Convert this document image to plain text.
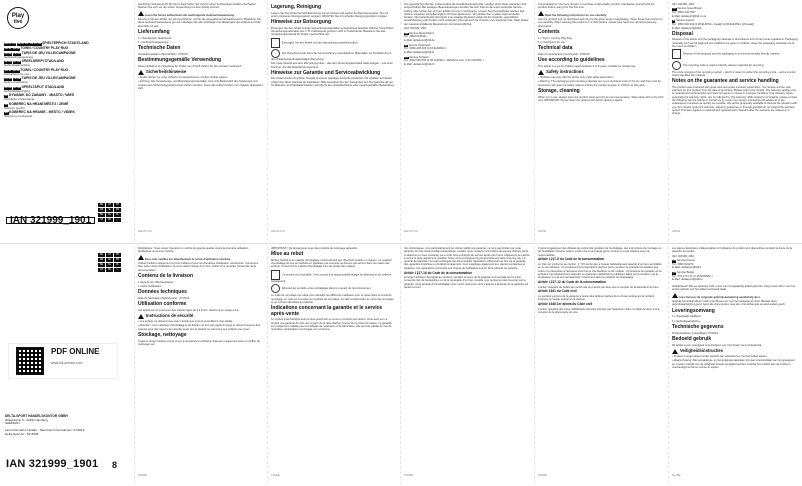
Play
tive
DE AT CH DE AT CH DE AT CHSPIELTEPPICH STADT/LAND
GB IE GB IETOWN / COUNTRY PLAY RUG
FR BE FR BETAPIS DE JEU VILLE/CAMPAGNE
Gebrauchsanweisung
NL BE NL BESPEELSPIEPI STAD/LAND
Gebruiksaanwijzing
GB IE GB IETOWN / COUNTRY PLAY RUG
Instructions for use
FR BE FR BETAPIS DE JEU VILLE/CAMPAGNE
Notice d'utilisation
NL BE NL BESPEELTAPIJT STAD/LAND
Gebruiksaanwijzing
PLDYWANIK DO ZABAWY - MIASTO / WIEŚ
Instrukcja użytkowania
CZKOBEREC NA HRANÍ MĚSTO / ZEMĚ
Návod k použití
SKKOBEREC NA HRANIE - MESTO / VIDIEK
Návod na používanie
DE	AT	CH
GB	IE	FR
BE	NL	PL
CZ	SK	--
IAN 321999_1901

Herzlichen Glückwunsch! Mit Ihrem Kauf haben Sie sich für einen hochwertigen Artikel entschieden. Machen Sie sich vor der ersten Verwendung mit dem Artikel vertraut.

Lesen Sie hierzu aufmerksam die nachfolgende Gebrauchsanweisung.

Benutzen Sie den Artikel nur wie beschrieben und für die angegebenen Einsatzbereiche. Bewahren Sie diese Gebrauchsanweisung gut auf. Händigen Sie alle Unterlagen bei Weitergabe des Artikels an Dritte ebenfalls mit aus.

Lieferumfang

1 x Spielteppich Stadt/Land

1 x Gebrauchsanweisung

Technische Daten

Herstellungsdatum (Monat/Jahr): 07/2019

Bestimmungsgemäße Verwendung

Dieser Artikel ist ein Spielzeug für Kinder von 3 bis 8 Jahren für den privaten Gebrauch.

Sicherheitshinweise

• Kinder dürfen nur unter Aufsicht von Erwachsenen mit dem Artikel spielen.

• Achtung: Alle Verpackungs- und Befestigungsmaterialien sind nicht Bestandteil des Spielzeugs und müssen aus Sicherheitsgründen stets entfernt werden, bevor das Artikel Kindern zum Spielen übergeben wird.

DE/AT/CH
Lagerung, Reinigung

Lagern Sie den Artikel bei Nichtbenutzung immer trocken und sauber bei Raumtemperatur. Nur mit einem trockenen Reinigungstuch reinigen. WICHTIG! Nie mit scharfen Reinigungsmitteln reinigen.

Hinweise zur Entsorgung

Entsorgen Sie den Artikel und die Verpackungsmaterialien entsprechend aktueller örtlicher Vorschriften. Verpackungsmaterialien wie z. B. Folienbeutel gehören nicht in Kinderhände. Bewahren Sie das Verpackungsmaterial für Kinder unerreichbar auf.

Entsorgen Sie den Artikel und die Verpackung umweltfreundlich.

Der Recycling-Code dient der Kennzeichnung verschiedener Materialien zur Rückführung in den Wiederverwertungskreislauf (Recycling).

Der Code besteht aus dem Recyclingsymbol – das den Verwertungskreislauf widerspiegelt – und einer Nummer, die das Material kennzeichnet.

Hinweise zur Garantie und Serviceabwicklung

Der Artikel wurde mit größter Sorgfalt und unter ständiger Kontrolle produziert. Sie erhalten auf diesen Artikel drei Jahre Garantie ab Kaufdatum. Bitte bewahren Sie den Kassenbon auf. Die Garantie gilt nur für Material- und Fabrikationsfehler und erlischt bei missbräuchlicher oder unsachgemäßer Behandlung.

DE/AT/CH

Ihre gesetzlichen Rechte, insbesondere die Gewährleistungsrechte, werden durch diese Garantie nicht eingeschränkt. Bei etwaigen Beanstandungen wenden Sie sich bitte an die unten stehende Service-Hotline oder setzen Sie sich per E-Mail mit uns in Verbindung. Unsere Servicemitarbeiter werden das weitere Vorgehen schnellstmöglich mit Ihnen abstimmen. Wir werden Sie in jedem Fall persönlich beraten. Die Garantiezeit wird durch eine etwaige Reparatur aufgrund der Garantie, gesetzlicher Gewährleistung oder Kulanz nicht verlängert. Dies gilt auch für ersetzte und reparierte Teile. Nach Ablauf der Garantie anfallende Reparaturen sind kostenpflichtig.

IAN: 321999_1901

DEService Deutschland
Tel.: 0800-5435111
E-Mail: deltasport@lidl.de
ATService Österreich
Tel.: 0800-295 303 (0,15 EUR/Min.)
E-Mail: deltasport@lidl.at
CHService Schweiz
Tel.: 0842 665 566 (0,08 CHF/Min., Mobilfunk max. 0,40 CHF/Min.)
E-Mail: deltasport@lidl.ch
DE/AT/CH

Congratulations! You have chosen to purchase a high-quality product. Familiarise yourself with the product before using it for the first time.

Read the following instructions for use carefully.

Use the product only as described and only for the given areas of application. Store these instructions for use carefully. When passing the product on to third parties, please also hand over all accompanying documents.

Contents

1 x Town / Country Play Rug

1 x Instructions for use

Technical data

Date of manufacture (month/year): 07/2019

Use according to guidelines

This article is a toy for children aged between 3 to 8 years, suitable for private use.

Safety instructions

• Children may play with the article only under adult supervision.

• Warning: The packaging and mounting materials are not a constituent part of the toy and they must be removed in all cases for safety reasons before the product is given to children to play with.

Storage, cleaning

When not in use, always store the product clean and dry at room temperature. Wipe clean with a dry cloth only. IMPORTANT! Never clean the product with harsh cleaning agents.

GB/IE

IAN: 321999_1901

GBService Great Britain
Tel.: 0800 404 7657
E-Mail: deltasport@lidl.co.uk
IEService Ireland
Tel.: 1890 930 034 (0,08 EUR/Min. [peak]) (0,06 EUR/Min. [off-peak])
E-Mail: deltasport@lidl.ie
Disposal

Dispose of the article and the packaging materials in accordance with current local regulations. Packaging materials such as foil bags are not suitable to be given to children. Keep the packaging materials out of the reach of children.

Dispose of the products and the packaging in an environmentally friendly manner.

The recycling code is used to identify various materials for recycling.

The code consists of the recycling symbol – which is meant to reflect the recycling cycle – and a number which identifies the material.

Notes on the guarantee and service handling

The product was produced with great care and under constant supervision. You receive a three-year warranty for this product from the date of purchase. Please retain your receipt. The warranty applies only to material and workmanship and does not apply to misuse or improper handling. Your statutory rights, especially the warranty rights, are not affected by this warranty. With regard to complaints, please contact the following service hotline or contact us by email. Our service employees will advise as to the subsequent procedure as quickly as possible. We will be personally available to discuss the situation with you. Any repairs under the warranty, statutory guarantee or through goodwill do not extend the warranty period. This also applies to replaced and repaired parts. Repairs after the warranty are subject to a charge.

GB/IE
DE	AT	CH
GB	IE	FR
BE	NL	PL
CZ	SK	--
PDF ONLINE
www.lidl-service.com
DELTA-SPORT HANDELSKONTOR GMBH
Wragekamp 6 • 22397 Hamburg
GERMANY

Last Information Update · Stand der Informationen: 07/2019
Delta-Sport-Nr.: SP-5608
IAN 321999_1901 8

Félicitations ! Vous venez d'acquérir un article de grande qualité. Avant la première utilisation, familiarisez-vous avec l'article.

Pour cela, veuillez lire attentivement la notice d'utilisation suivante.

Utilisez l'article uniquement comme indiqué et pour les domaines d'utilisation mentionnés. Conservez bien cette notice d'utilisation. Si vous cédez l'article à un tiers, veillez à lui remettre l'ensemble de la documentation.

Contenu de la livraison

1 tapis de jeu Ville/campagne

1 notice d'utilisation

Données techniques

Date de fabrication (Mois/Année) : 07/2019

Utilisation conforme

Cet article est un jouet pour des enfants âgés de 3 à 8 ans, destiné à un usage privé.

Instructions de sécurité

• Les enfants ne doivent jouer avec l'article que sous la surveillance d'un adulte.

• Attention : Les matériaux d'emballage et de fixation ne font pas partie du jouet et doivent toujours être enlevés pour des raisons de sécurité avant que le produit ne soit remis aux enfants pour jouer.

Stockage, nettoyage

Toujours ranger l'article propre et sec à température ambiante. Essuyer uniquement avec un chiffon de nettoyage sec.

FR/BE

IMPORTANT ! Ne jamais laver avec des produits de nettoyage agressifs.

Mise au rebut

Mettez l'article et le matériel d'emballage conformément aux directives locales en vigueur. Le matériel d'emballage tel que les sachets en plastique par exemple ne doivent pas arriver dans les mains des enfants. Conservez le matériel d'emballage hors de portée des enfants.

Ce produit est recyclable. Il est soumis à la responsabilité élargie du fabricant et est collecté séparément.

Éliminez les produits et les emballages dans le respect de l'environnement.

Le code de recyclage est utilisé pour identifier les différents matériaux pour le retour dans le circuit du recyclage. Le code se compose du symbole de recyclage, qui doit correspondre au circuit de recyclage et un numéro identifiant le matériau.

Indications concernant la garantie et le service après-vente

Le produit a été fabriqué avec le plus grand soin et sous un contrôle permanent. Vous avez sur ce produit une garantie de trois ans à partir de la date d'achat. Conservez le ticket de caisse. La garantie est uniquement valable pour les défauts de matériaux et de fabrication, elle perd sa validité en cas de mauvaise manipulation ou d'usage non conforme.

FR/BE

Vos droits légaux, tout particulièrement les droits relatifs à la garantie, ne sont pas limités par cette garantie. En cas d'éventuelles réclamations, veuillez nous contacter à la hotline de service d'après-vente ci-dessous ou nous contacter par e-mail. Nos employés du service après-vent vous indiqueront la marche à suivre le plus rapidement possible. Nous vous renseignerons personnellement dans tous les cas. La période de garantie n'est pas prolongée par d'éventuelles réparations effectuées au titre de la garantie, des garanties implicites ou du dédommagement. Ceci s'applique également aux pièces remplacées et réparées. Les réparations survenant à la charge de l'utilisateur à la fin de la période de garantie.

Article L217-16 du Code de la consommation

Lorsque l'acheteur demande au vendeur, pendant le cours de la garantie commerciale qui lui a été consentie lors de l'acquisition ou de la réparation d'un bien meuble, une remise en état couverte par la garantie, toute période d'immobilisation d'au moins sept jours vient s'ajouter à la durée de la garantie qui restait à courir.

FR/BE

Il répond également des défauts de conformité résultant de l'emballage, des instructions de montage ou de l'installation lorsque celle-ci a été mise à sa charge par le contrat ou a été réalisée sous sa responsabilité.

Article L217-5 du Code de la consommation

Le bien est conforme au contrat : 1° S'il est propre à l'usage habituellement attendu d'un bien semblable et, le cas échéant : s'il correspond à la description donnée par le vendeur et possède les qualités que celui-ci a présentées à l'acheteur sous forme d'échantillon ou de modèle ; s'il présente les qualités qu'un acheteur peut légitimement attendre eu égard aux déclarations publiques faites par le vendeur, par le producteur ou par son représentant, notamment dans la publicité ou l'étiquetage.

Article L217-12 du Code de la consommation

L'action résultant du défaut de conformité se prescrit par deux ans à compter de la délivrance du bien.

Article 1641 du Code civil

Le vendeur est tenu de la garantie à raison des défauts cachés de la chose vendue qui la rendent impropre à l'usage auquel on la destine.

Article 1648 1er alinéa du Code civil

L'action résultant des vices rédhibitoires doit être intentée par l'acquéreur dans un délai de deux ans à compter de la découverte du vice.

FR/BE

Les pièces détachées indispensables à l'utilisation du produit sont disponibles pendant la durée de la garantie du produit.

IAN: 321999_1901

FRService France
Tel.: 0800 919270
E-Mail: deltasport@lidl.fr
BEService België
Tel.: 070 270 171 (0,15 EUR/Min.)
E-Mail: deltasport@lidl.be

Gefeliciteerd! Met uw aankoop hebt u voor een hoogwaardig artikel gekozen. Zorg ervoor dat u voor het eerste gebruik met het artikel vertrouwd raakt.

Lees hiervoor de volgende gebruiksaanwijzing aandachtig door.

Gebruik het artikel alleen zoals omschreven en voor het aangegeven doel. Bewaar deze gebruiksaanwijzing goed. Geef alle documenten mee als u het artikel aan iemand anders geeft.

Leveringsomvang

1 x Speeltapijt stad/land

1 x Gebruiksaanwijzing

Technische gegevens

Productiedatum (maand/jaar): 07/2019

Bedoeld gebruik

Dit artikel is een speelgoed voor kinderen van 3 tot 8 jaar voor privégebruik.

Veiligheidsinstructies

• Kinderen mogen alleen onder toezicht van volwassenen met het artikel spelen.

• Waarschuwing: Alle verpakkings- en bevestigingsmaterialen zijn geen bestanddeel van het speelgoed en moeten omwille van de veiligheid steeds verwijderd worden voordat het product aan de kinderen overhandigd wordt om ermee te spelen.

NL/BE
